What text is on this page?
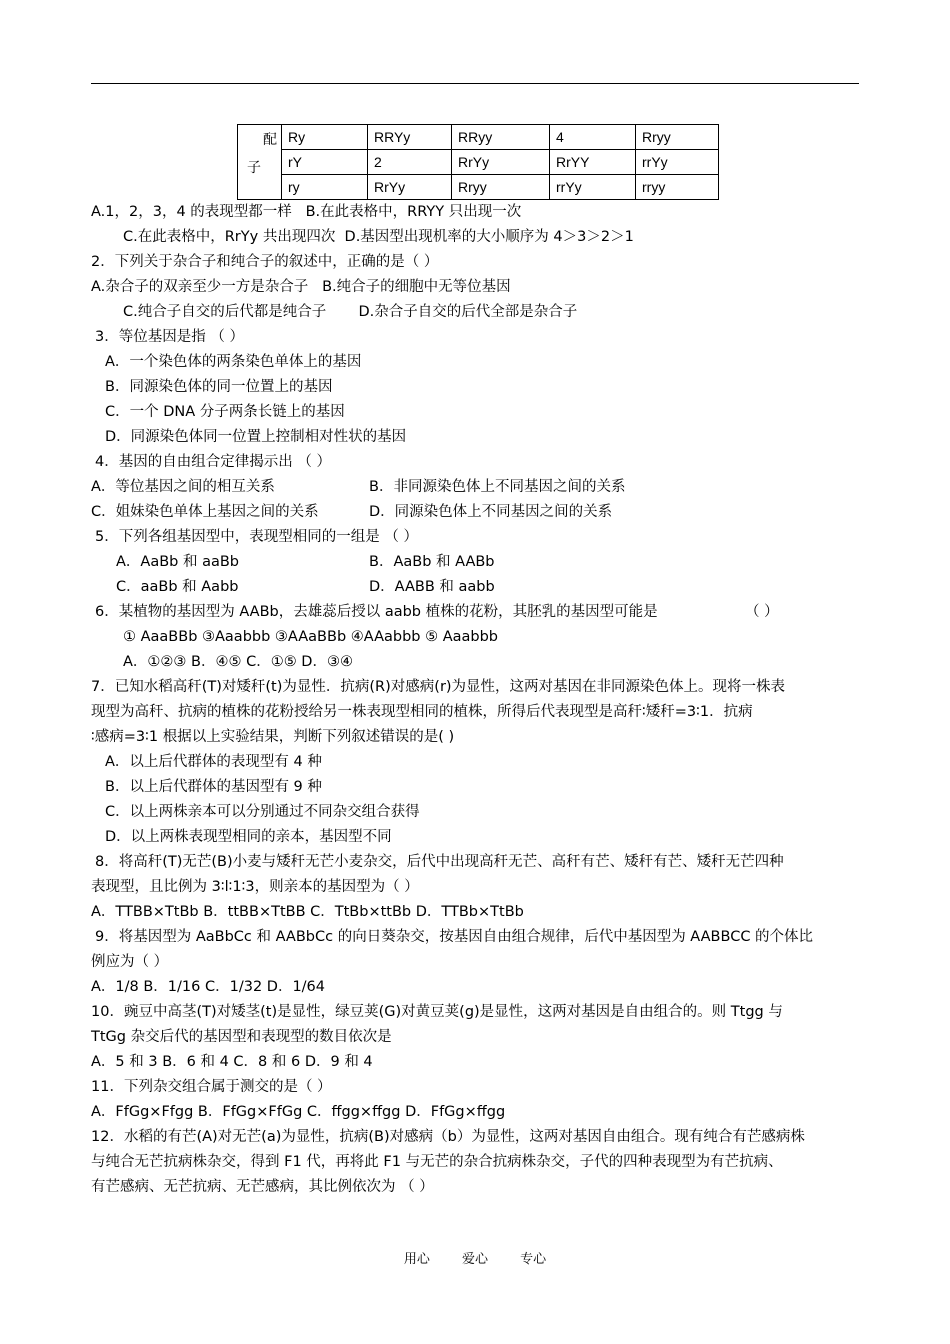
配
子	Ry	RRYy	RRyy	4	Rryy
	rY	2	RrYy	RrYY	rrYy
	ry	RrYy	Rryy	rrYy	rryy
A.1，2，3，4 的表现型都一样   B.在此表格中，RRYY 只出现一次
C.在此表格中，RrYy 共出现四次  D.基因型出现机率的大小顺序为 4＞3＞2＞1
2．下列关于杂合子和纯合子的叙述中，正确的是（ ）
A.杂合子的双亲至少一方是杂合子   B.纯合子的细胞中无等位基因
C.纯合子自交的后代都是纯合子       D.杂合子自交的后代全部是杂合子
3．等位基因是指 （ ）
A．一个染色体的两条染色单体上的基因
B．同源染色体的同一位置上的基因
C．一个 DNA 分子两条长链上的基因
D．同源染色体同一位置上控制相对性状的基因
4．基因的自由组合定律揭示出 （ ）
A．等位基因之间的相互关系	B．非同源染色体上不同基因之间的关系
C．姐妹染色单体上基因之间的关系	D．同源染色体上不同基因之间的关系
5．下列各组基因型中，表现型相同的一组是 （ ）
A．AaBb 和 aaBb	B．AaBb 和 AABb
C．aaBb 和 Aabb	D．AABB 和 aabb
6．某植物的基因型为 AABb，去雄蕊后授以 aabb 植株的花粉，其胚乳的基因型可能是	（ ）
① AaaBBb ③Aaabbb ③AAaBBb ④AAabbb ⑤ Aaabbb
A．①②③ B．④⑤ C．①⑤ D．③④
7．已知水稻高秆(T)对矮秆(t)为显性．抗病(R)对感病(r)为显性，这两对基因在非同源染色体上。现将一株表
现型为高秆、抗病的植株的花粉授给另一株表现型相同的植株，所得后代表现型是高秆∶矮秆=3∶1．抗病
∶感病=3∶1 根据以上实验结果，判断下列叙述错误的是( )
A．以上后代群体的表现型有 4 种
B．以上后代群体的基因型有 9 种
C．以上两株亲本可以分别通过不同杂交组合获得
D．以上两株表现型相同的亲本，基因型不同
8．将高秆(T)无芒(B)小麦与矮秆无芒小麦杂交，后代中出现高秆无芒、高秆有芒、矮秆有芒、矮秆无芒四种
表现型，且比例为 3∶l∶1∶3，则亲本的基因型为（ ）
A．TTBB×TtBb B．ttBB×TtBB C．TtBb×ttBb D．TTBb×TtBb
9．将基因型为 AaBbCc 和 AABbCc 的向日葵杂交，按基因自由组合规律，后代中基因型为 AABBCC 的个体比
例应为（ ）
A．1/8 B．1/16 C．1/32 D．1/64
10．豌豆中高茎(T)对矮茎(t)是显性，绿豆荚(G)对黄豆荚(g)是显性，这两对基因是自由组合的。则 Ttgg 与
TtGg 杂交后代的基因型和表现型的数目依次是
A．5 和 3 B．6 和 4 C．8 和 6 D．9 和 4
11．下列杂交组合属于测交的是（ ）
A．FfGg×Ffgg B．FfGg×FfGg C．ffgg×ffgg D．FfGg×ffgg
12．水稻的有芒(A)对无芒(a)为显性，抗病(B)对感病（b）为显性，这两对基因自由组合。现有纯合有芒感病株
与纯合无芒抗病株杂交，得到 F1 代，再将此 F1 与无芒的杂合抗病株杂交，子代的四种表现型为有芒抗病、
有芒感病、无芒抗病、无芒感病，其比例依次为 （ ）
用心 爱心 专心
